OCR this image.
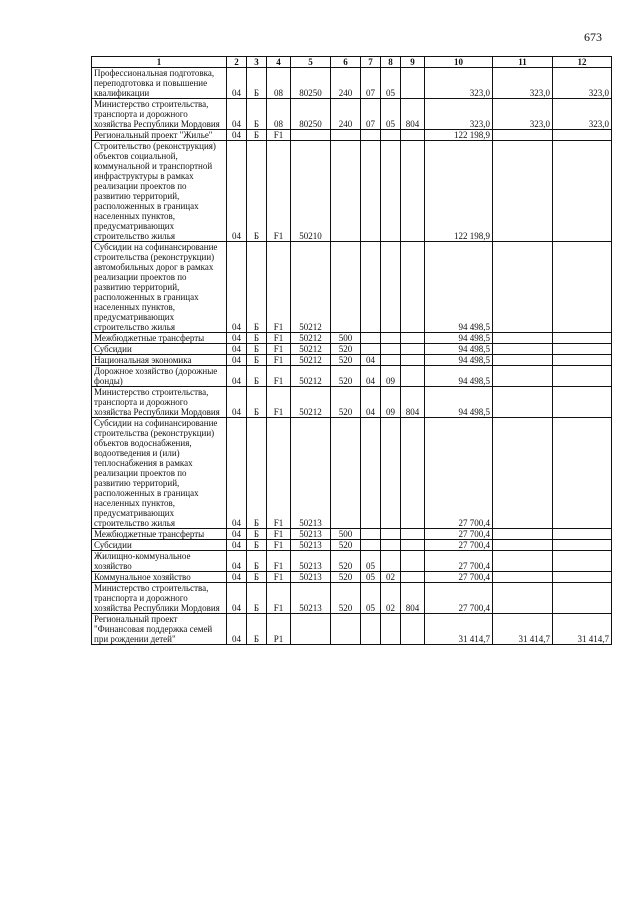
673
1	2	3	4	5	6	7	8	9	10	11	12
Профессиональная подготовка, переподготовка и повышение квалификации	04	Б	08	80250	240	07	05		323,0	323,0	323,0
Министерство строительства, транспорта и дорожного хозяйства Республики Мордовия	04	Б	08	80250	240	07	05	804	323,0	323,0	323,0
Региональный проект "Жилье"	04	Б	F1						122 198,9		
Строительство (реконструкция) объектов социальной, коммунальной и транспортной инфраструктуры в рамках реализации проектов по развитию территорий, расположенных в границах населенных пунктов, предусматривающих строительство жилья	04	Б	F1	50210					122 198,9		
Субсидии на софинансирование строительства (реконструкции) автомобильных дорог в рамках реализации проектов по развитию территорий, расположенных в границах населенных пунктов, предусматривающих строительство жилья	04	Б	F1	50212					94 498,5		
Межбюджетные трансферты	04	Б	F1	50212	500				94 498,5		
Субсидии	04	Б	F1	50212	520				94 498,5		
Национальная экономика	04	Б	F1	50212	520	04			94 498,5		
Дорожное хозяйство (дорожные фонды)	04	Б	F1	50212	520	04	09		94 498,5		
Министерство строительства, транспорта и дорожного хозяйства Республики Мордовия	04	Б	F1	50212	520	04	09	804	94 498,5		
Субсидии на софинансирование строительства (реконструкции) объектов водоснабжения, водоотведения и (или) теплоснабжения в рамках реализации проектов по развитию территорий, расположенных в границах населенных пунктов, предусматривающих строительство жилья	04	Б	F1	50213					27 700,4		
Межбюджетные трансферты	04	Б	F1	50213	500				27 700,4		
Субсидии	04	Б	F1	50213	520				27 700,4		
Жилищно-коммунальное хозяйство	04	Б	F1	50213	520	05			27 700,4		
Коммунальное хозяйство	04	Б	F1	50213	520	05	02		27 700,4		
Министерство строительства, транспорта и дорожного хозяйства Республики Мордовия	04	Б	F1	50213	520	05	02	804	27 700,4		
Региональный проект "Финансовая поддержка семей при рождении детей"	04	Б	P1						31 414,7	31 414,7	31 414,7
